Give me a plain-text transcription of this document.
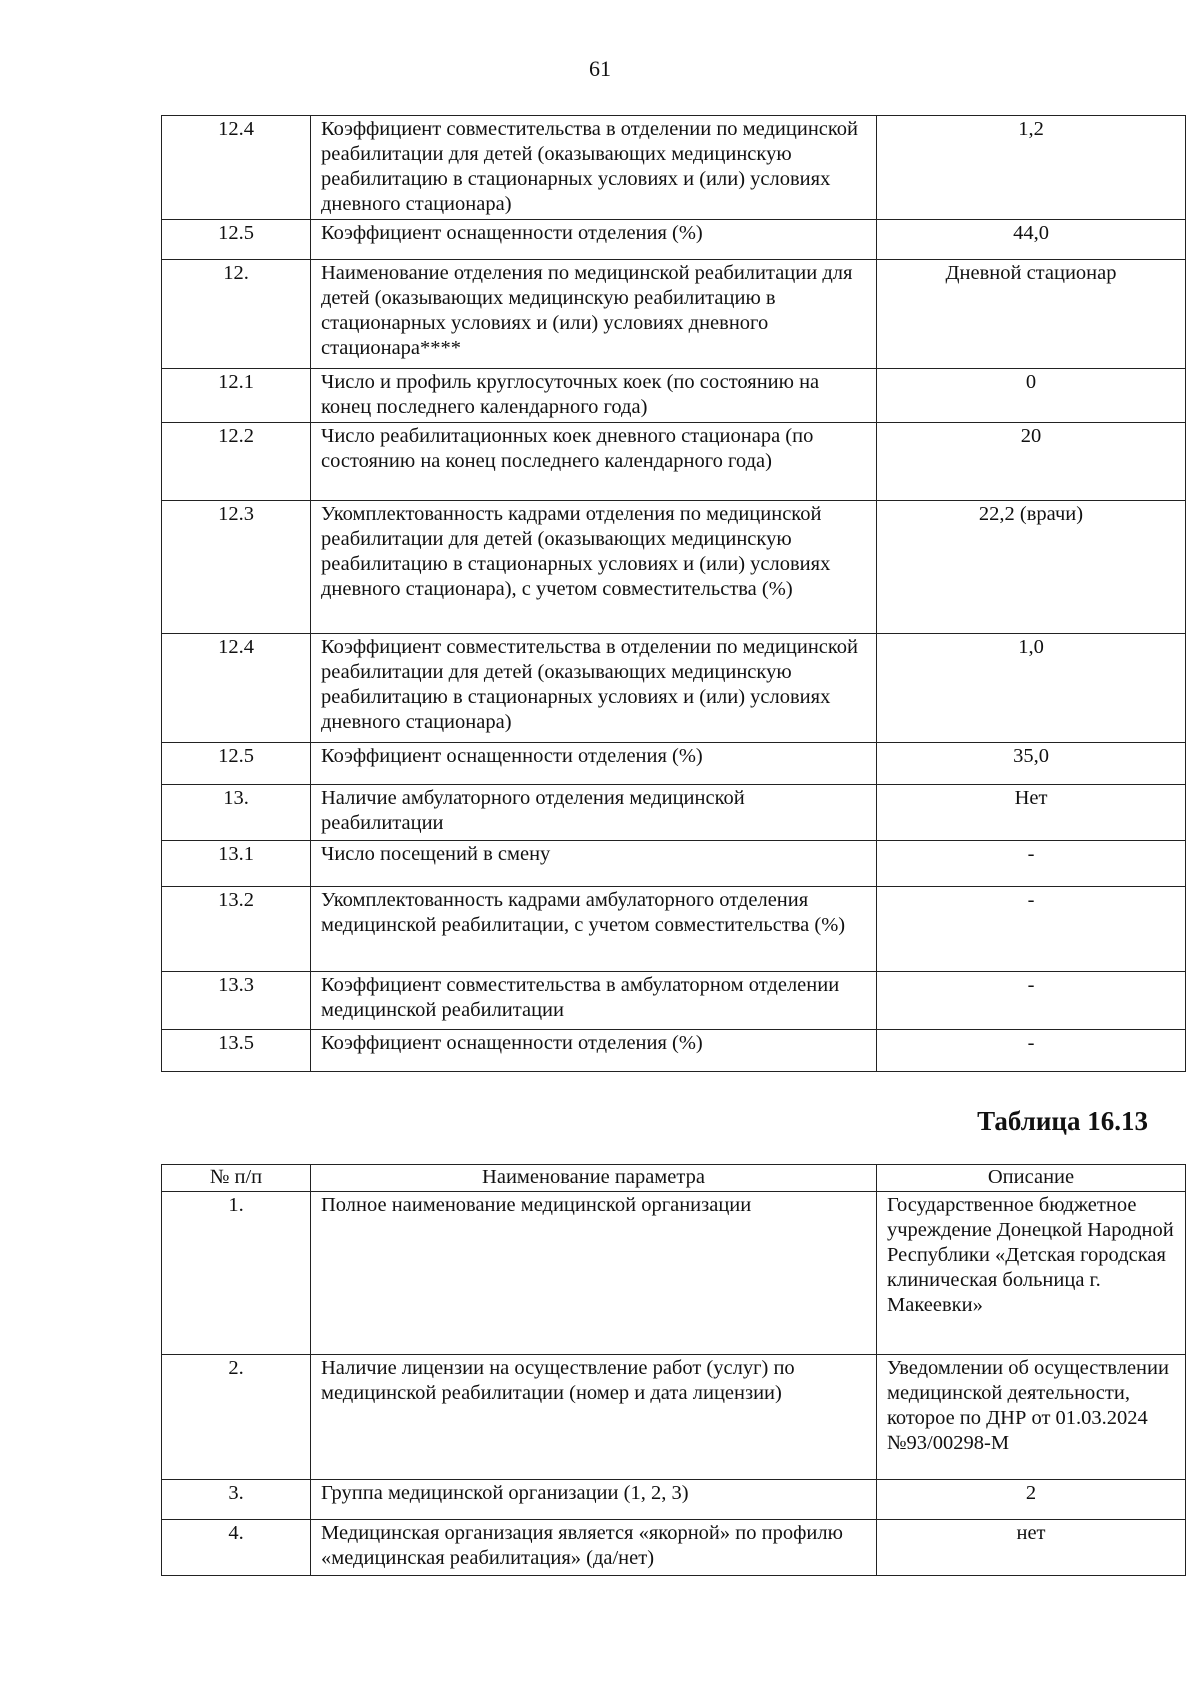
61
12.4	Коэффициент совместительства в отделении по медицинской реабилитации для детей (оказывающих медицинскую реабилитацию в стационарных условиях и (или) условиях дневного стационара)	1,2
12.5	Коэффициент оснащенности отделения (%)	44,0
12.	Наименование отделения по медицинской реабилитации для детей (оказывающих медицинскую реабилитацию в стационарных условиях и (или) условиях дневного стационара****	Дневной стационар
12.1	Число и профиль круглосуточных коек (по состоянию на конец последнего календарного года)	0
12.2	Число реабилитационных коек дневного стационара (по состоянию на конец последнего календарного года)	20
12.3	Укомплектованность кадрами отделения по медицинской реабилитации для детей (оказывающих медицинскую реабилитацию в стационарных условиях и (или) условиях дневного стационара), с учетом совместительства (%)	22,2 (врачи)
12.4	Коэффициент совместительства в отделении по медицинской реабилитации для детей (оказывающих медицинскую реабилитацию в стационарных условиях и (или) условиях дневного стационара)	1,0
12.5	Коэффициент оснащенности отделения (%)	35,0
13.	Наличие амбулаторного отделения медицинской реабилитации	Нет
13.1	Число посещений в смену	-
13.2	Укомплектованность кадрами амбулаторного отделения медицинской реабилитации, с учетом совместительства (%)	-
13.3	Коэффициент совместительства в амбулаторном отделении медицинской реабилитации	-
13.5	Коэффициент оснащенности отделения (%)	-
Таблица 16.13
№ п/п	Наименование параметра	Описание
1.	Полное наименование медицинской организации	Государственное бюджетное учреждение Донецкой Народной Республики «Детская городская клиническая больница г. Макеевки»
2.	Наличие лицензии на осуществление работ (услуг) по медицинской реабилитации (номер и дата лицензии)	Уведомлении об осуществлении медицинской деятельности, которое по ДНР от 01.03.2024 №93/00298-М
3.	Группа медицинской организации (1, 2, 3)	2
4.	Медицинская организация является «якорной» по профилю «медицинская реабилитация» (да/нет)	нет
